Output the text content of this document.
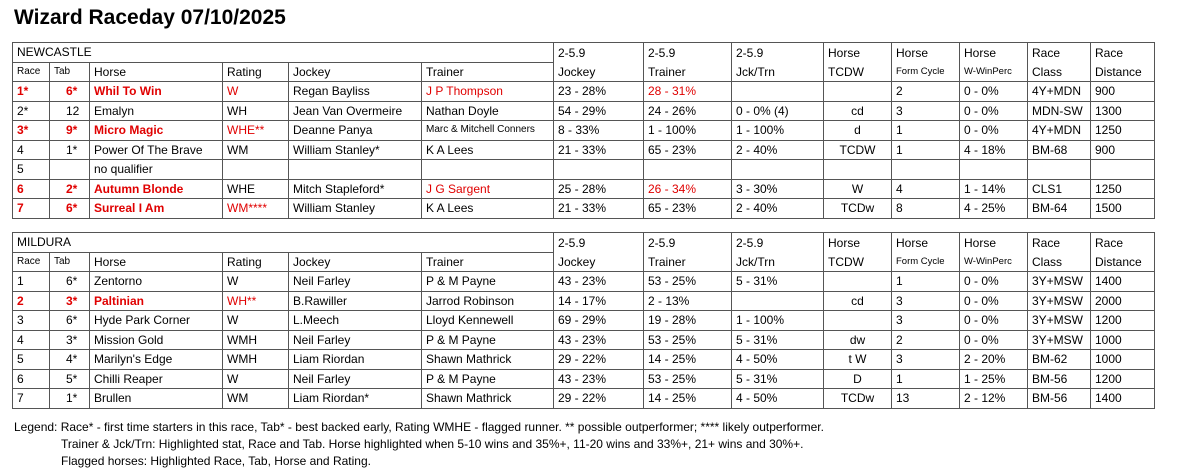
Wizard Raceday 07/10/2025
NEWCASTLE						2-5.9	2-5.9	2-5.9	Horse	Horse	Horse	Race	Race
Race	Tab	Horse	Rating	Jockey	Trainer	Jockey	Trainer	Jck/Trn	TCDW	Form Cycle	W-WinPerc	Class	Distance
1*	6*	Whil To Win	W	Regan Bayliss	J P Thompson	23 - 28%	28 - 31%			2	0 - 0%	4Y+MDN	900
2*	12	Emalyn	WH	Jean Van Overmeire	Nathan Doyle	54 - 29%	24 - 26%	0 - 0% (4)	cd	3	0 - 0%	MDN-SW	1300
3*	9*	Micro Magic	WHE**	Deanne Panya	Marc & Mitchell Conners	8 - 33%	1 - 100%	1 - 100%	d	1	0 - 0%	4Y+MDN	1250
4	1*	Power Of The Brave	WM	William Stanley*	K A Lees	21 - 33%	65 - 23%	2 - 40%	TCDW	1	4 - 18%	BM-68	900
5		no qualifier											
6	2*	Autumn Blonde	WHE	Mitch Stapleford*	J G Sargent	25 - 28%	26 - 34%	3 - 30%	W	4	1 - 14%	CLS1	1250
7	6*	Surreal I Am	WM****	William Stanley	K A Lees	21 - 33%	65 - 23%	2 - 40%	TCDw	8	4 - 25%	BM-64	1500
MILDURA						2-5.9	2-5.9	2-5.9	Horse	Horse	Horse	Race	Race
Race	Tab	Horse	Rating	Jockey	Trainer	Jockey	Trainer	Jck/Trn	TCDW	Form Cycle	W-WinPerc	Class	Distance
1	6*	Zentorno	W	Neil Farley	P & M Payne	43 - 23%	53 - 25%	5 - 31%		1	0 - 0%	3Y+MSW	1400
2	3*	Paltinian	WH**	B.Rawiller	Jarrod Robinson	14 - 17%	2 - 13%		cd	3	0 - 0%	3Y+MSW	2000
3	6*	Hyde Park Corner	W	L.Meech	Lloyd Kennewell	69 - 29%	19 - 28%	1 - 100%		3	0 - 0%	3Y+MSW	1200
4	3*	Mission Gold	WMH	Neil Farley	P & M Payne	43 - 23%	53 - 25%	5 - 31%	dw	2	0 - 0%	3Y+MSW	1000
5	4*	Marilyn's Edge	WMH	Liam Riordan	Shawn Mathrick	29 - 22%	14 - 25%	4 - 50%	t W	3	2 - 20%	BM-62	1000
6	5*	Chilli Reaper	W	Neil Farley	P & M Payne	43 - 23%	53 - 25%	5 - 31%	D	1	1 - 25%	BM-56	1200
7	1*	Brullen	WM	Liam Riordan*	Shawn Mathrick	29 - 22%	14 - 25%	4 - 50%	TCDw	13	2 - 12%	BM-56	1400
Legend: Race* - first time starters in this race, Tab* - best backed early, Rating WMHE - flagged runner. ** possible outperformer; **** likely outperformer.
Trainer & Jck/Trn: Highlighted stat, Race and Tab. Horse highlighted when 5-10 wins and 35%+, 11-20 wins and 33%+, 21+ wins and 30%+.
Flagged horses: Highlighted Race, Tab, Horse and Rating.
